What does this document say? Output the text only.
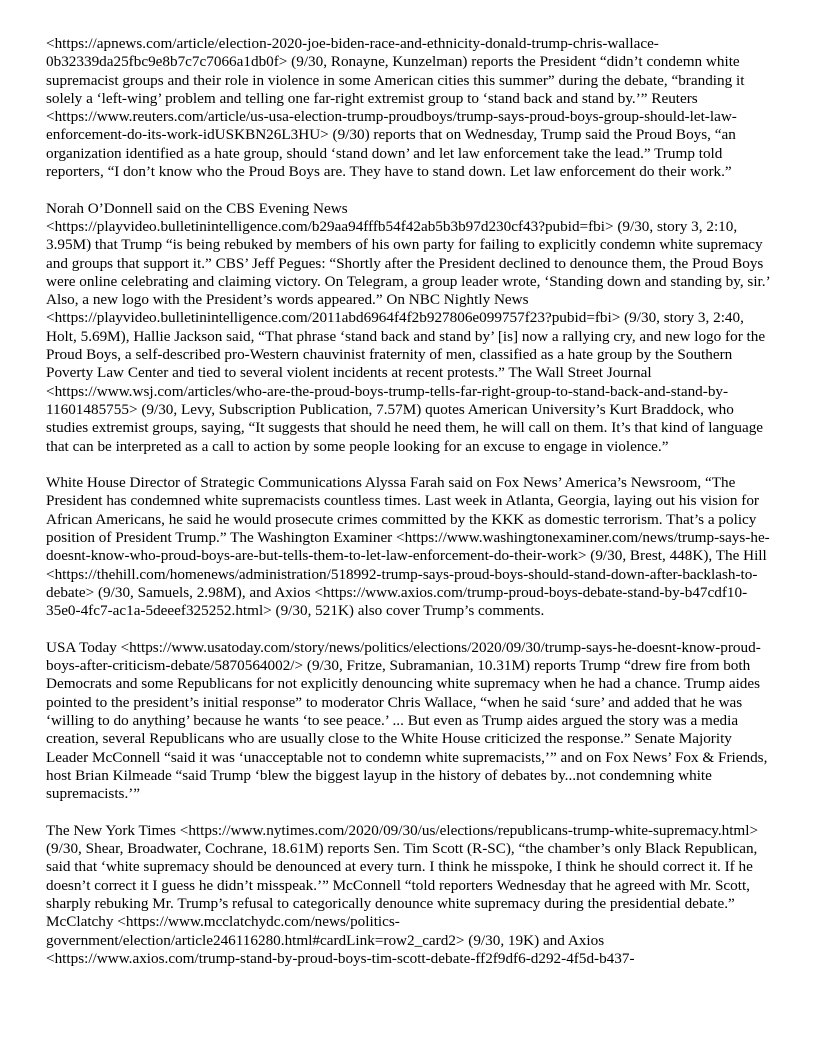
<https://apnews.com/article/election-2020-joe-biden-race-and-ethnicity-donald-trump-chris-wallace-0b32339da25fbc9e8b7c7c7066a1db0f> (9/30, Ronayne, Kunzelman) reports the President “didn’t condemn white supremacist groups and their role in violence in some American cities this summer” during the debate, “branding it solely a ‘left-wing’ problem and telling one far-right extremist group to ‘stand back and stand by.’” Reuters <https://www.reuters.com/article/us-usa-election-trump-proudboys/trump-says-proud-boys-group-should-let-law-enforcement-do-its-work-idUSKBN26L3HU> (9/30) reports that on Wednesday, Trump said the Proud Boys, “an organization identified as a hate group, should ‘stand down’ and let law enforcement take the lead.” Trump told reporters, “I don’t know who the Proud Boys are. They have to stand down. Let law enforcement do their work.”

Norah O’Donnell said on the CBS Evening News <https://playvideo.bulletinintelligence.com/b29aa94fffb54f42ab5b3b97d230cf43?pubid=fbi> (9/30, story 3, 2:10, 3.95M) that Trump “is being rebuked by members of his own party for failing to explicitly condemn white supremacy and groups that support it.” CBS’ Jeff Pegues: “Shortly after the President declined to denounce them, the Proud Boys were online celebrating and claiming victory. On Telegram, a group leader wrote, ‘Standing down and standing by, sir.’ Also, a new logo with the President’s words appeared.” On NBC Nightly News <https://playvideo.bulletinintelligence.com/2011abd6964f4f2b927806e099757f23?pubid=fbi> (9/30, story 3, 2:40, Holt, 5.69M), Hallie Jackson said, “That phrase ‘stand back and stand by’ [is] now a rallying cry, and new logo for the Proud Boys, a self-described pro-Western chauvinist fraternity of men, classified as a hate group by the Southern Poverty Law Center and tied to several violent incidents at recent protests.” The Wall Street Journal <https://www.wsj.com/articles/who-are-the-proud-boys-trump-tells-far-right-group-to-stand-back-and-stand-by-11601485755> (9/30, Levy, Subscription Publication, 7.57M) quotes American University’s Kurt Braddock, who studies extremist groups, saying, “It suggests that should he need them, he will call on them. It’s that kind of language that can be interpreted as a call to action by some people looking for an excuse to engage in violence.”

White House Director of Strategic Communications Alyssa Farah said on Fox News’ America’s Newsroom, “The President has condemned white supremacists countless times. Last week in Atlanta, Georgia, laying out his vision for African Americans, he said he would prosecute crimes committed by the KKK as domestic terrorism. That’s a policy position of President Trump.” The Washington Examiner <https://www.washingtonexaminer.com/news/trump-says-he-doesnt-know-who-proud-boys-are-but-tells-them-to-let-law-enforcement-do-their-work> (9/30, Brest, 448K), The Hill <https://thehill.com/homenews/administration/518992-trump-says-proud-boys-should-stand-down-after-backlash-to-debate> (9/30, Samuels, 2.98M), and Axios <https://www.axios.com/trump-proud-boys-debate-stand-by-b47cdf10-35e0-4fc7-ac1a-5deeef325252.html> (9/30, 521K) also cover Trump’s comments.

USA Today <https://www.usatoday.com/story/news/politics/elections/2020/09/30/trump-says-he-doesnt-know-proud-boys-after-criticism-debate/5870564002/> (9/30, Fritze, Subramanian, 10.31M) reports Trump “drew fire from both Democrats and some Republicans for not explicitly denouncing white supremacy when he had a chance. Trump aides pointed to the president’s initial response” to moderator Chris Wallace, “when he said ‘sure’ and added that he was ‘willing to do anything’ because he wants ‘to see peace.’ ... But even as Trump aides argued the story was a media creation, several Republicans who are usually close to the White House criticized the response.” Senate Majority Leader McConnell “said it was ‘unacceptable not to condemn white supremacists,’” and on Fox News’ Fox & Friends, host Brian Kilmeade “said Trump ‘blew the biggest layup in the history of debates by...not condemning white supremacists.’”

The New York Times <https://www.nytimes.com/2020/09/30/us/elections/republicans-trump-white-supremacy.html> (9/30, Shear, Broadwater, Cochrane, 18.61M) reports Sen. Tim Scott (R-SC), “the chamber’s only Black Republican, said that ‘white supremacy should be denounced at every turn. I think he misspoke, I think he should correct it. If he doesn’t correct it I guess he didn’t misspeak.’” McConnell “told reporters Wednesday that he agreed with Mr. Scott, sharply rebuking Mr. Trump’s refusal to categorically denounce white supremacy during the presidential debate.” McClatchy <https://www.mcclatchydc.com/news/politics-government/election/article246116280.html#cardLink=row2_card2> (9/30, 19K) and Axios <https://www.axios.com/trump-stand-by-proud-boys-tim-scott-debate-ff2f9df6-d292-4f5d-b437-
